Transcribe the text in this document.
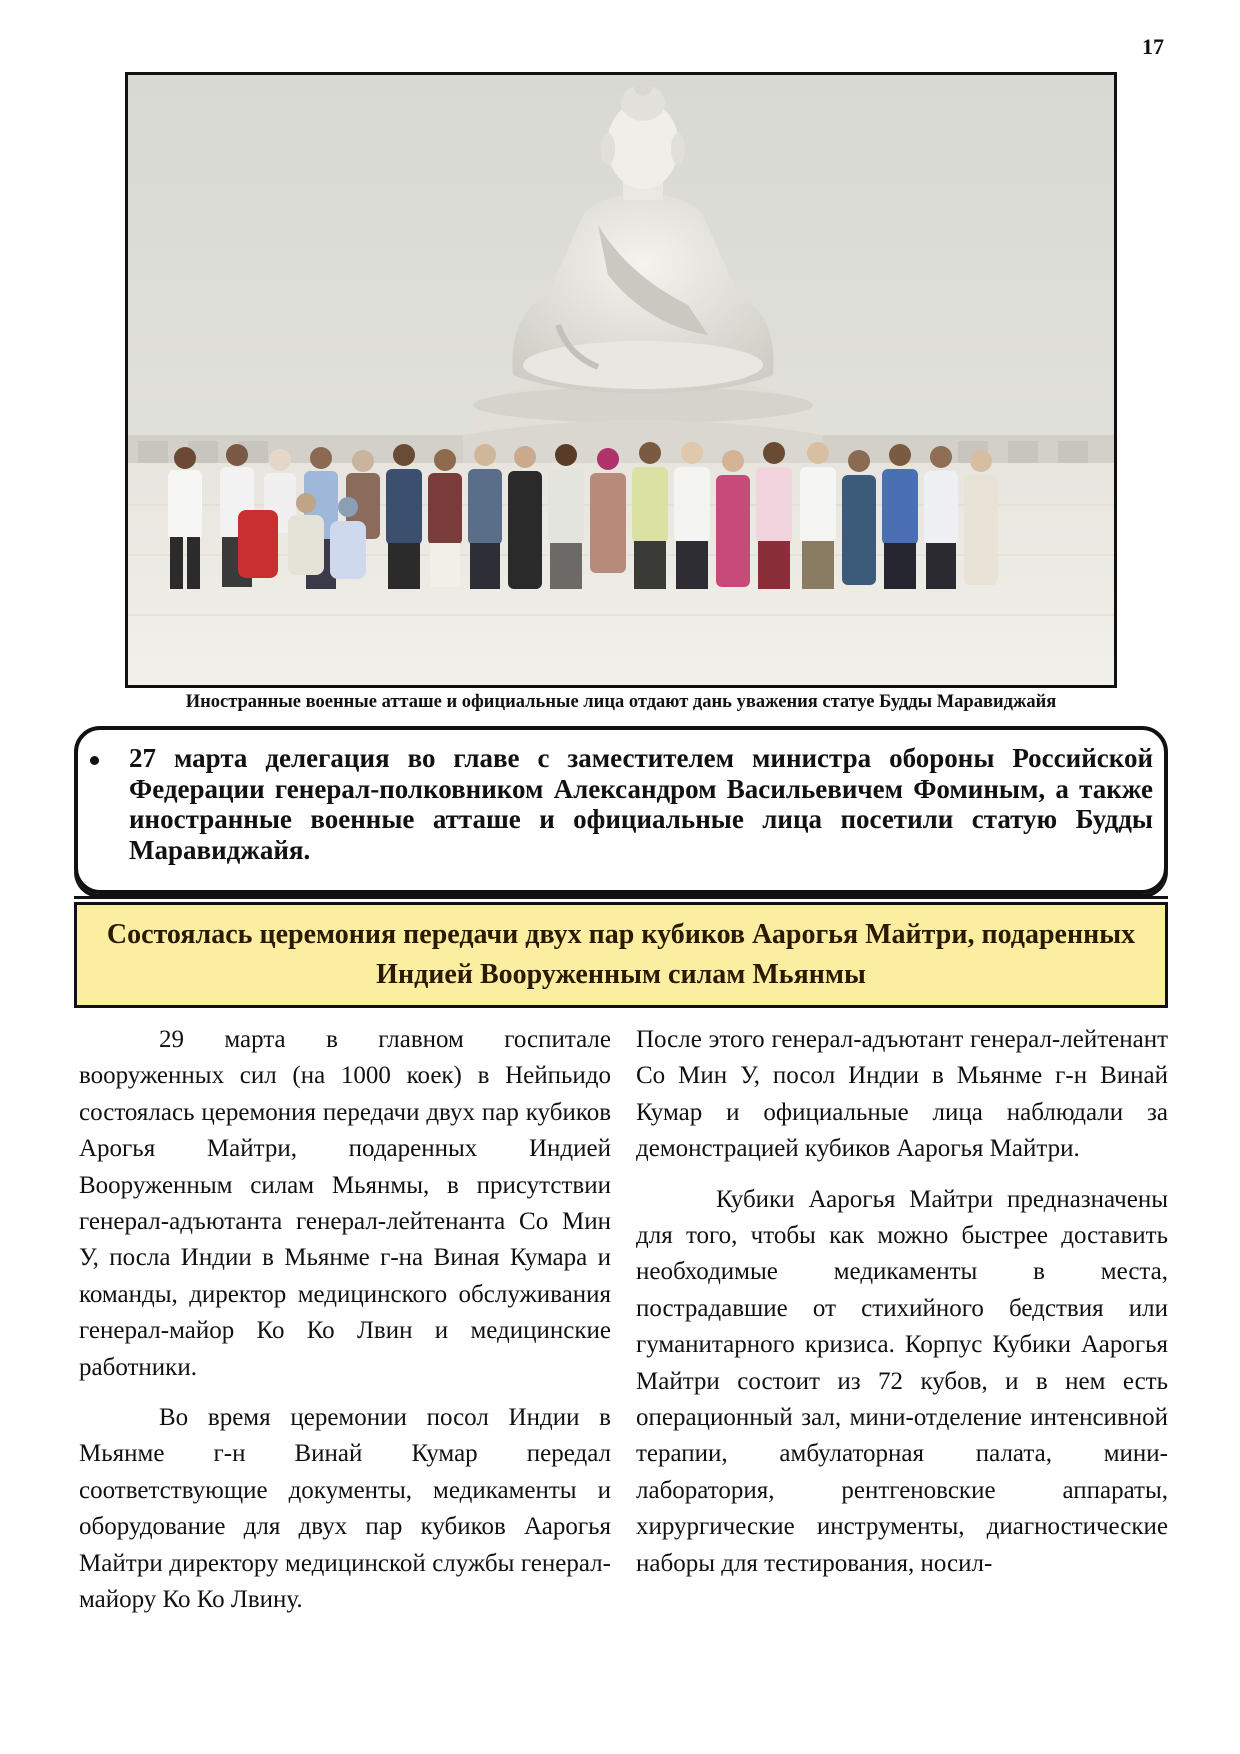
17
Иностранные военные атташе и официальные лица отдают дань уважения статуе Будды Маравиджайя
27 марта делегация во главе с заместителем министра обороны Российской Федерации генерал-полковником Александром Васильевичем Фоминым, а также иностранные военные атташе и официальные лица посетили статую Будды Маравиджайя.
Состоялась церемония передачи двух пар кубиков Аарогья Майтри, подаренных Индией Вооруженным силам Мьянмы

29 марта в главном госпитале вооруженных сил (на 1000 коек) в Нейпьидо состоялась церемония передачи двух пар кубиков Арогья Майтри, подаренных Индией Вооруженным силам Мьянмы, в присутствии генерал-адъютанта генерал-лейтенанта Со Мин У, посла Индии в Мьянме г-на Виная Кумара и команды, директор медицинского обслуживания генерал-майор Ко Ко Лвин и медицинские работники.

Во время церемонии посол Индии в Мьянме г-н Винай Кумар передал соответствующие документы, медикаменты и оборудование для двух пар кубиков Аарогья Майтри директору медицинской службы генерал-майору Ко Ко Лвину.

После этого генерал-адъютант генерал-лейтенант Со Мин У, посол Индии в Мьянме г-н Винай Кумар и официальные лица наблюдали за демонстрацией кубиков Аарогья Майтри.

Кубики Аарогья Майтри предназначены для того, чтобы как можно быстрее доставить необходимые медикаменты в места, пострадавшие от стихийного бедствия или гуманитарного кризиса. Корпус Кубики Аарогья Майтри состоит из 72 кубов, и в нем есть операционный зал, мини-отделение интенсивной терапии, амбулаторная палата, мини-лаборатория, рентгеновские аппараты, хирургические инструменты, диагностические наборы для тестирования, носил-
